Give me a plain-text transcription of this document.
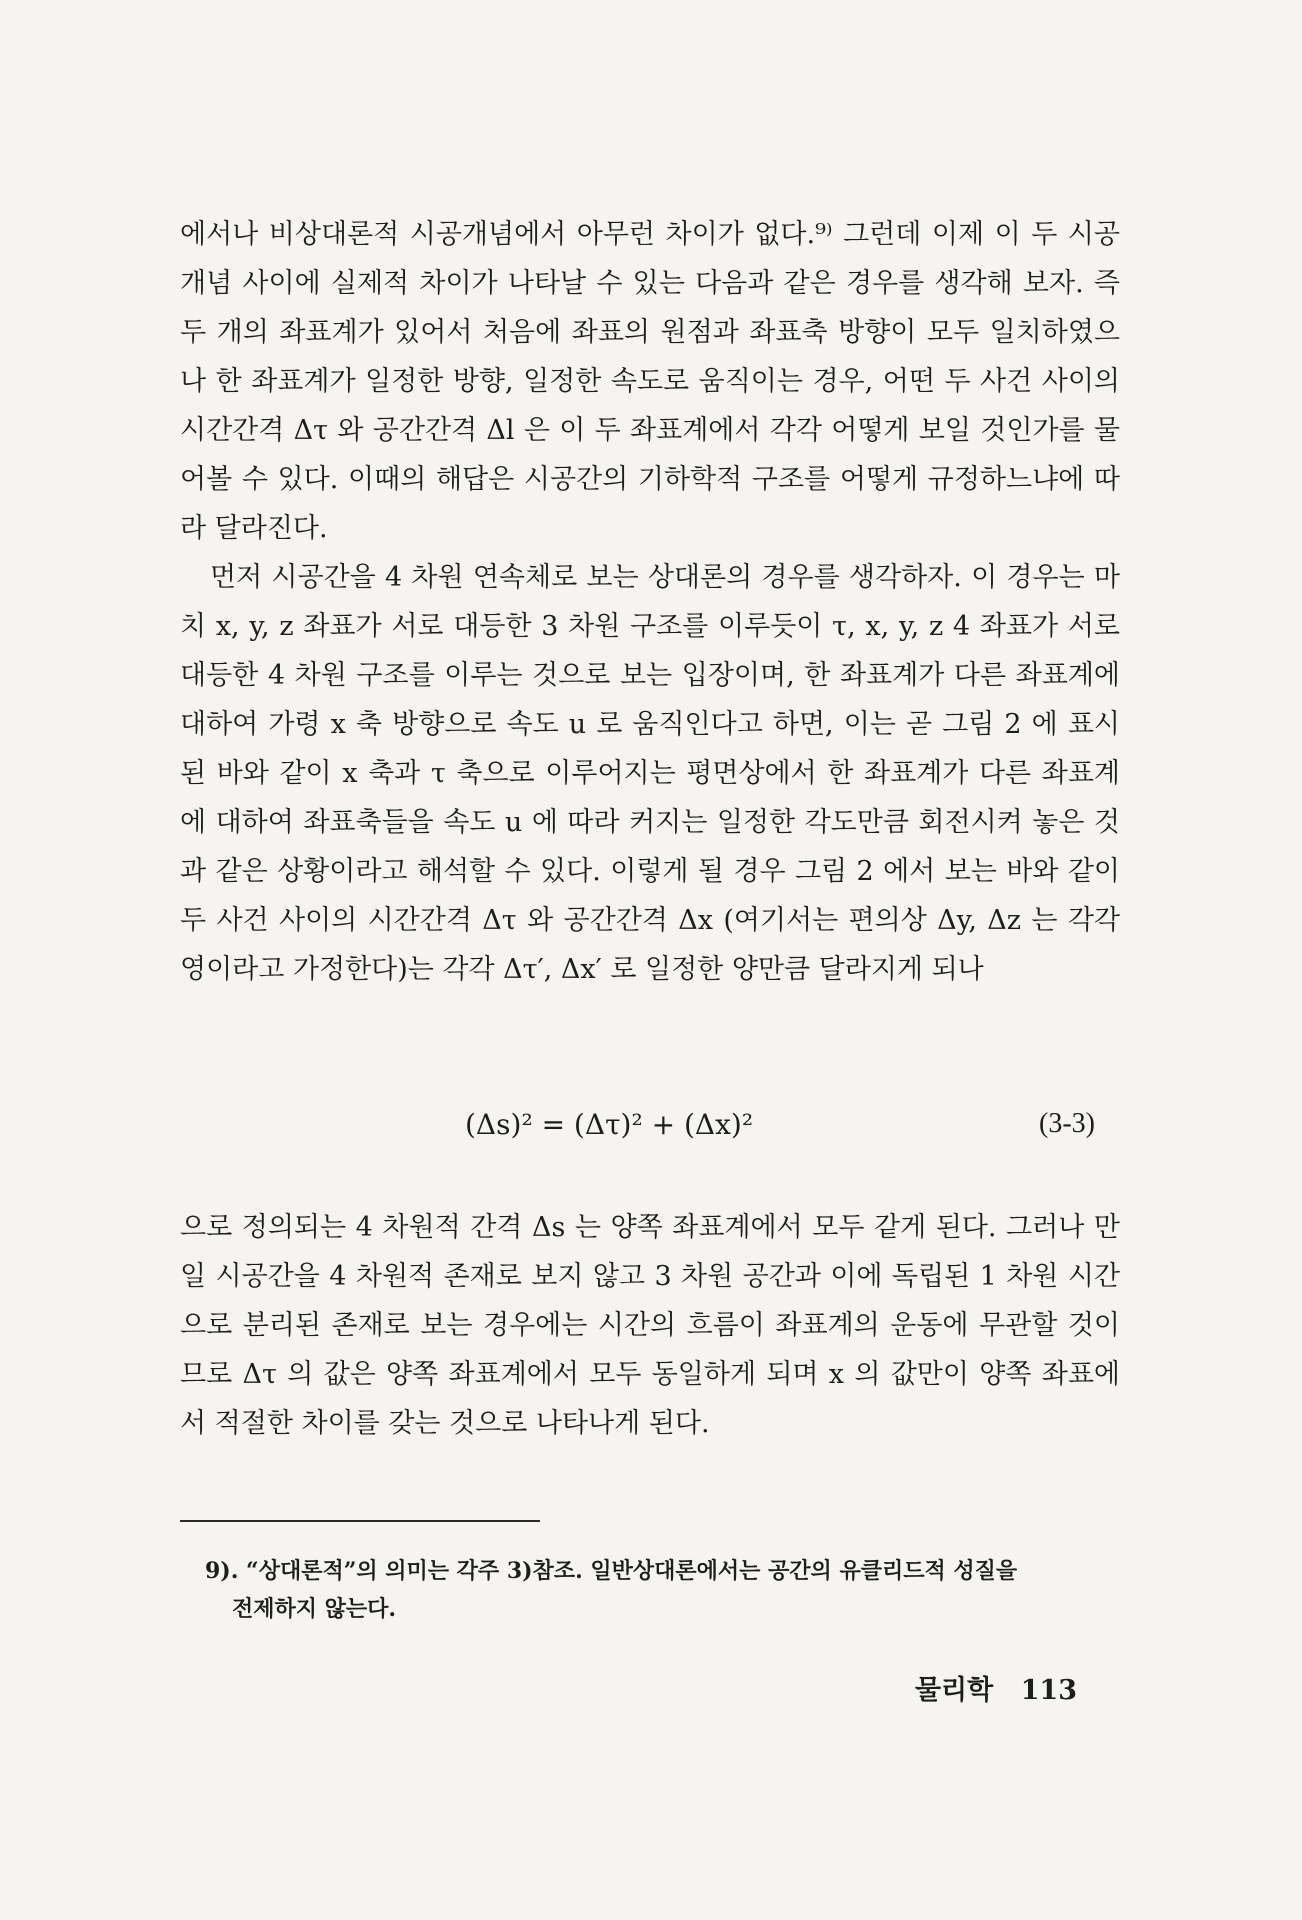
에서나 비상대론적 시공개념에서 아무런 차이가 없다.⁹⁾ 그런데 이제 이 두 시공개념 사이에 실제적 차이가 나타날 수 있는 다음과 같은 경우를 생각해 보자. 즉 두 개의 좌표계가 있어서 처음에 좌표의 원점과 좌표축 방향이 모두 일치하였으나 한 좌표계가 일정한 방향, 일정한 속도로 움직이는 경우, 어떤 두 사건 사이의 시간간격 Δτ 와 공간간격 Δl 은 이 두 좌표계에서 각각 어떻게 보일 것인가를 물어볼 수 있다. 이때의 해답은 시공간의 기하학적 구조를 어떻게 규정하느냐에 따라 달라진다.

먼저 시공간을 4 차원 연속체로 보는 상대론의 경우를 생각하자. 이 경우는 마치 x, y, z 좌표가 서로 대등한 3 차원 구조를 이루듯이 τ, x, y, z 4 좌표가 서로 대등한 4 차원 구조를 이루는 것으로 보는 입장이며, 한 좌표계가 다른 좌표계에 대하여 가령 x 축 방향으로 속도 u 로 움직인다고 하면, 이는 곧 그림 2 에 표시된 바와 같이 x 축과 τ 축으로 이루어지는 평면상에서 한 좌표계가 다른 좌표계에 대하여 좌표축들을 속도 u 에 따라 커지는 일정한 각도만큼 회전시켜 놓은 것과 같은 상황이라고 해석할 수 있다. 이렇게 될 경우 그림 2 에서 보는 바와 같이 두 사건 사이의 시간간격 Δτ 와 공간간격 Δx (여기서는 편의상 Δy, Δz 는 각각 영이라고 가정한다)는 각각 Δτ′, Δx′ 로 일정한 양만큼 달라지게 되나

(Δs)² = (Δτ)² + (Δx)²	(3-3)

으로 정의되는 4 차원적 간격 Δs 는 양쪽 좌표계에서 모두 같게 된다. 그러나 만일 시공간을 4 차원적 존재로 보지 않고 3 차원 공간과 이에 독립된 1 차원 시간으로 분리된 존재로 보는 경우에는 시간의 흐름이 좌표계의 운동에 무관할 것이므로 Δτ 의 값은 양쪽 좌표계에서 모두 동일하게 되며 x 의 값만이 양쪽 좌표에서 적절한 차이를 갖는 것으로 나타나게 된다.

9). “상대론적”의 의미는 각주 3)참조. 일반상대론에서는 공간의 유클리드적 성질을
전제하지 않는다.
물리학 113
